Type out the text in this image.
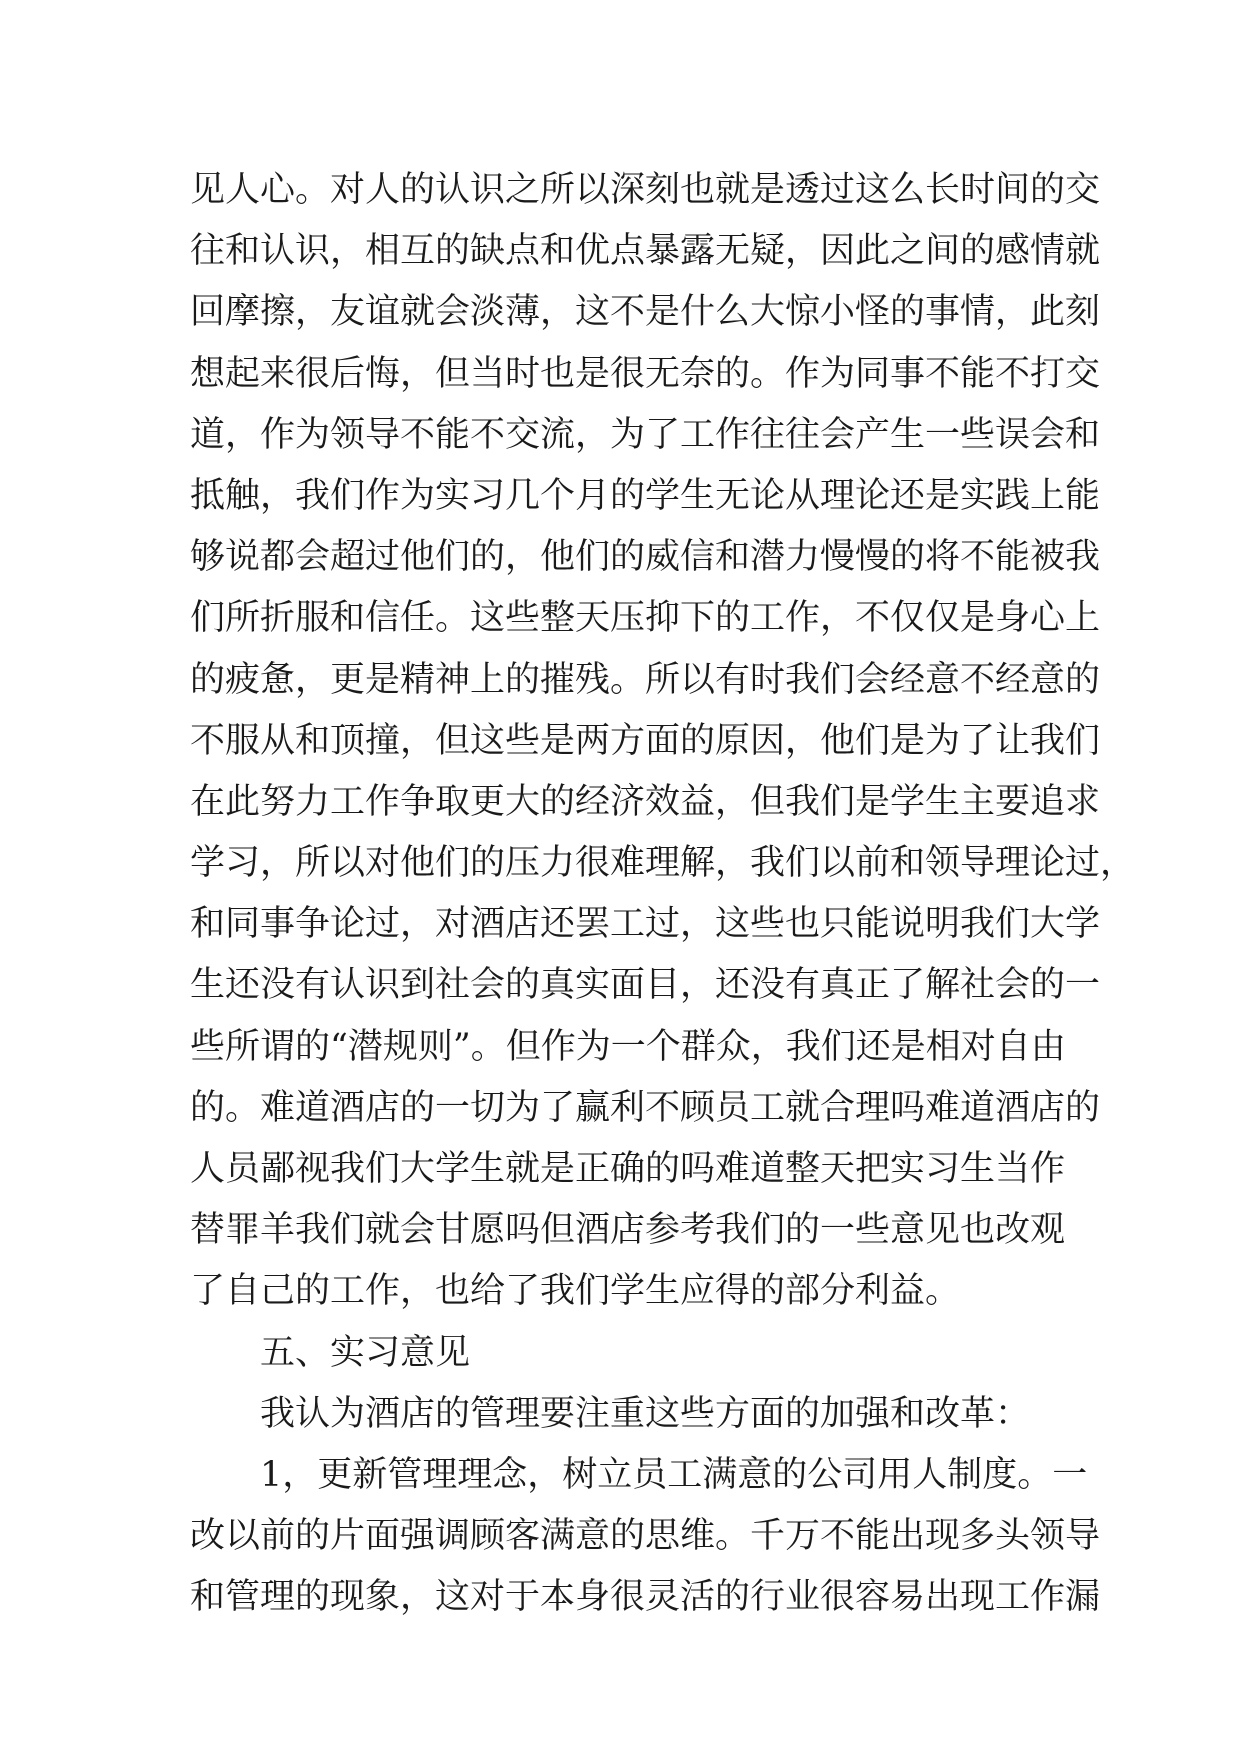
见人心。对人的认识之所以深刻也就是透过这么长时间的交
往和认识，相互的缺点和优点暴露无疑，因此之间的感情就
回摩擦，友谊就会淡薄，这不是什么大惊小怪的事情，此刻
想起来很后悔，但当时也是很无奈的。作为同事不能不打交
道，作为领导不能不交流，为了工作往往会产生一些误会和
抵触，我们作为实习几个月的学生无论从理论还是实践上能
够说都会超过他们的，他们的威信和潜力慢慢的将不能被我
们所折服和信任。这些整天压抑下的工作，不仅仅是身心上
的疲惫，更是精神上的摧残。所以有时我们会经意不经意的
不服从和顶撞，但这些是两方面的原因，他们是为了让我们
在此努力工作争取更大的经济效益，但我们是学生主要追求
学习，所以对他们的压力很难理解，我们以前和领导理论过，
和同事争论过，对酒店还罢工过，这些也只能说明我们大学
生还没有认识到社会的真实面目，还没有真正了解社会的一
些所谓的“潜规则”。但作为一个群众，我们还是相对自由
的。难道酒店的一切为了赢利不顾员工就合理吗难道酒店的
人员鄙视我们大学生就是正确的吗难道整天把实习生当作
替罪羊我们就会甘愿吗但酒店参考我们的一些意见也改观
了自己的工作，也给了我们学生应得的部分利益。
五、实习意见
我认为酒店的管理要注重这些方面的加强和改革：
1，更新管理理念，树立员工满意的公司用人制度。一
改以前的片面强调顾客满意的思维。千万不能出现多头领导
和管理的现象，这对于本身很灵活的行业很容易出现工作漏
